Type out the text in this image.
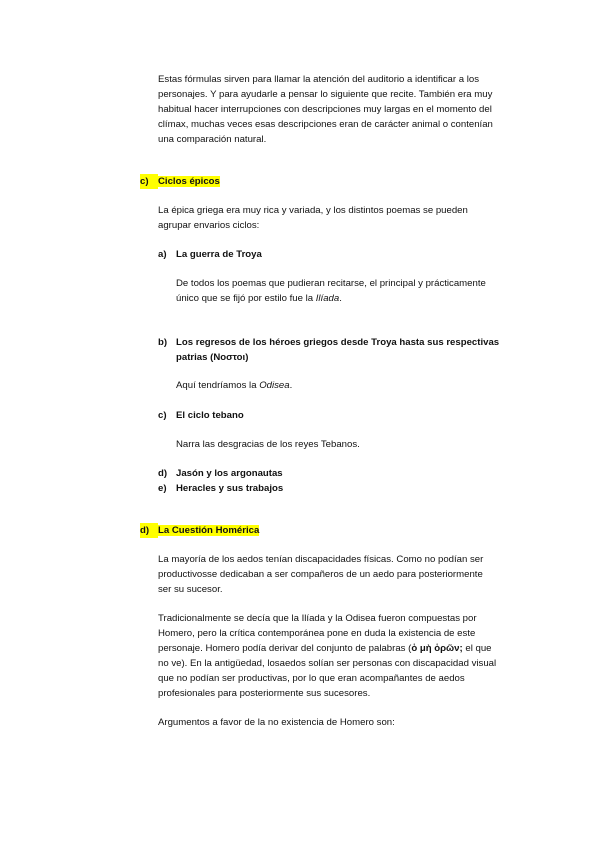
Estas fórmulas sirven para llamar la atención del auditorio a identificar a los

personajes. Y para ayudarle a pensar lo siguiente que recite. También era muy

habitual hacer interrupciones con descripciones muy largas en el momento del

clímax, muchas veces esas descripciones eran de carácter animal o contenían

una comparación natural.

c) Ciclos épicos

La épica griega era muy rica y variada, y los distintos poemas se pueden

agrupar envarios ciclos:

a) La guerra de Troya

De todos los poemas que pudieran recitarse, el principal y prácticamente

único que se fijó por estilo fue la Ilíada.

b) Los regresos de los héroes griegos desde Troya hasta sus respectivas

patrias (Νοστοι)

Aquí tendríamos la Odisea.

c) El ciclo tebano

Narra las desgracias de los reyes Tebanos.

d) Jasón y los argonautas
e) Heracles y sus trabajos
d) La Cuestión Homérica

La mayoría de los aedos tenían discapacidades físicas. Como no podían ser

productivosse dedicaban a ser compañeros de un aedo para posteriormente

ser su sucesor.

Tradicionalmente se decía que la Ilíada y la Odisea fueron compuestas por

Homero, pero la crítica contemporánea pone en duda la existencia de este

personaje. Homero podía derivar del conjunto de palabras (ὁ μὴ ὁρῶν; el que

no ve). En la antigüedad, losaedos solían ser personas con discapacidad visual

que no podían ser productivas, por lo que eran acompañantes de aedos

profesionales para posteriormente sus sucesores.

Argumentos a favor de la no existencia de Homero son:
